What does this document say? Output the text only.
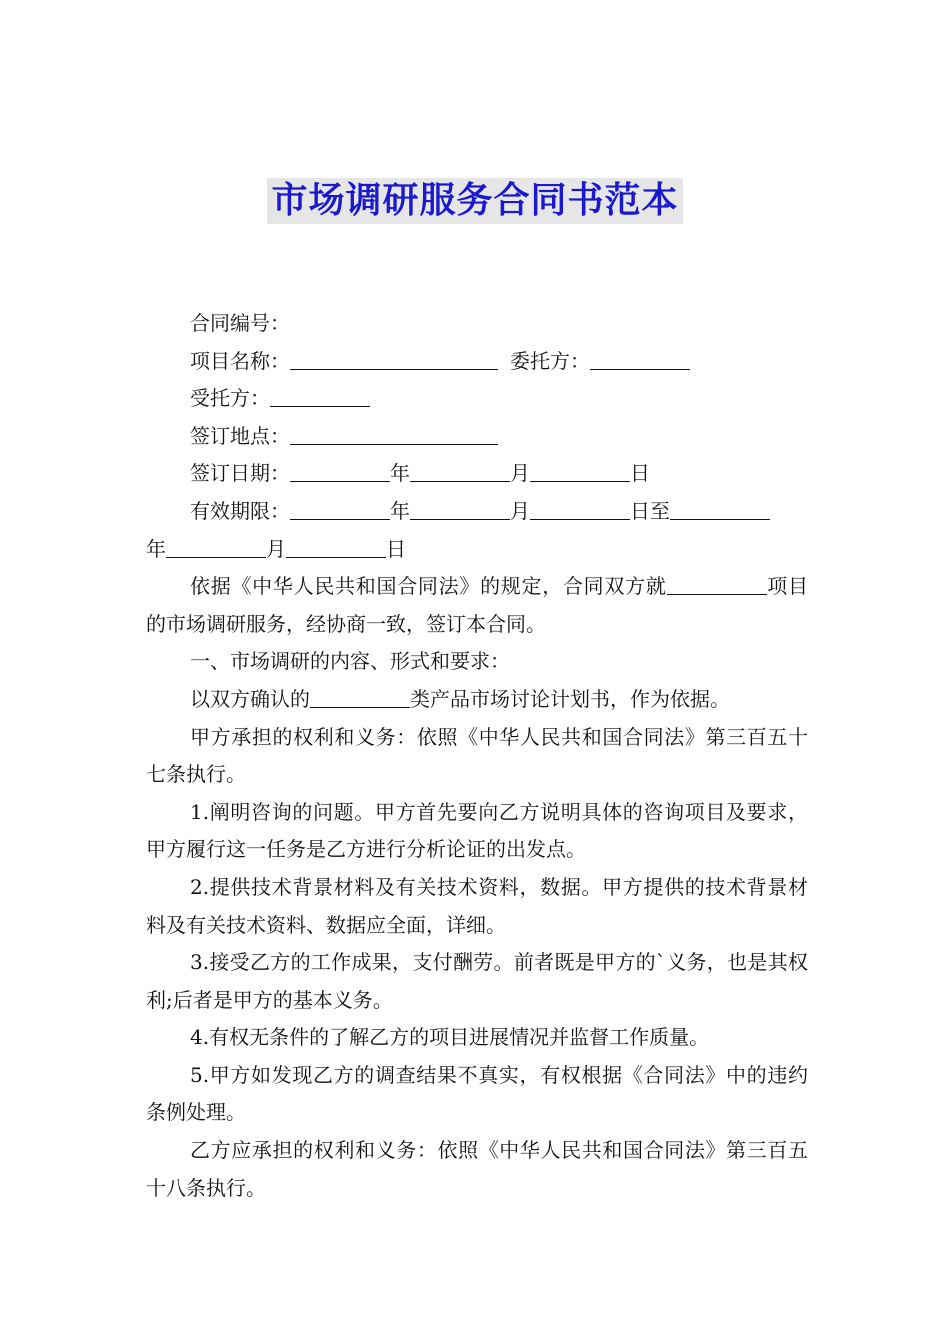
市场调研服务合同书范本
合同编号：
项目名称：	委托方：
受托方：
签订地点：
签订日期：	年	月	日
有效期限：	年	月	日至
年	月	日
依据《中华人民共和国合同法》的规定，合同双方就	项目的市场调研服务，经协商一致，签订本合同。
一、市场调研的内容、形式和要求：
以双方确认的	类产品市场讨论计划书，作为依据。
甲方承担的权利和义务：依照《中华人民共和国合同法》第三百五十七条执行。
1.阐明咨询的问题。甲方首先要向乙方说明具体的咨询项目及要求，甲方履行这一任务是乙方进行分析论证的出发点。
2.提供技术背景材料及有关技术资料，数据。甲方提供的技术背景材料及有关技术资料、数据应全面，详细。
3.接受乙方的工作成果，支付酬劳。前者既是甲方的`义务，也是其权利;后者是甲方的基本义务。
4.有权无条件的了解乙方的项目进展情况并监督工作质量。
5.甲方如发现乙方的调查结果不真实，有权根据《合同法》中的违约条例处理。
乙方应承担的权利和义务：依照《中华人民共和国合同法》第三百五十八条执行。
